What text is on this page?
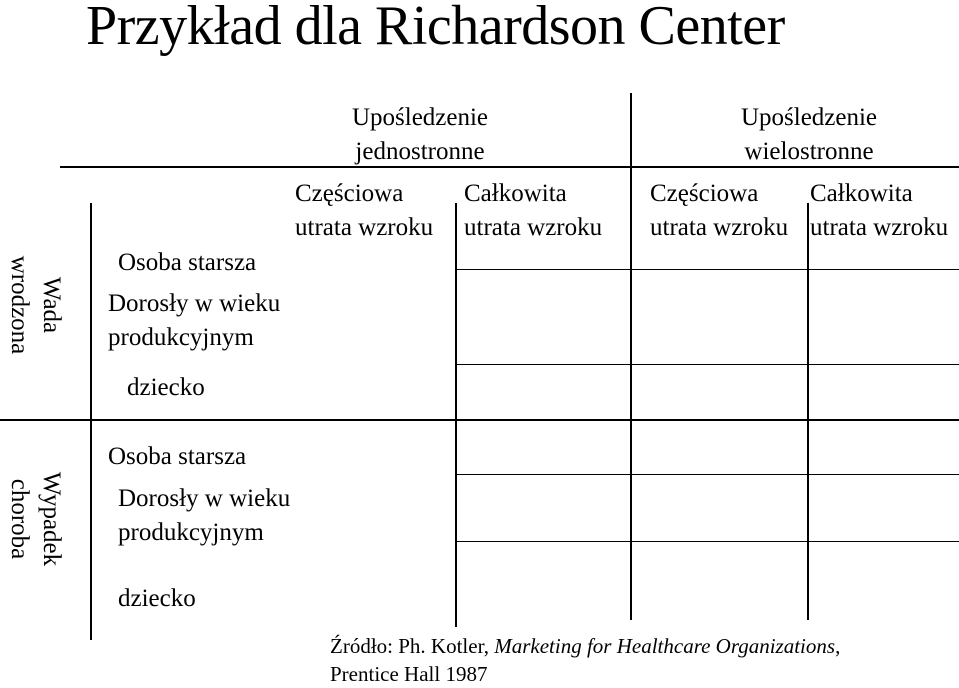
Przykład dla Richardson Center
Upośledzenie
jednostronne
Upośledzenie
wielostronne
Częściowa
utrata wzroku
Całkowita
utrata wzroku
Częściowa
utrata wzroku
Całkowita
utrata wzroku
Wada
wrodzona
Wypadek
choroba
Osoba starsza
Dorosły w wieku
produkcyjnym
dziecko
Osoba starsza
Dorosły w wieku
produkcyjnym
dziecko
Źródło: Ph. Kotler, Marketing for Healthcare Organizations,
Prentice Hall 1987
